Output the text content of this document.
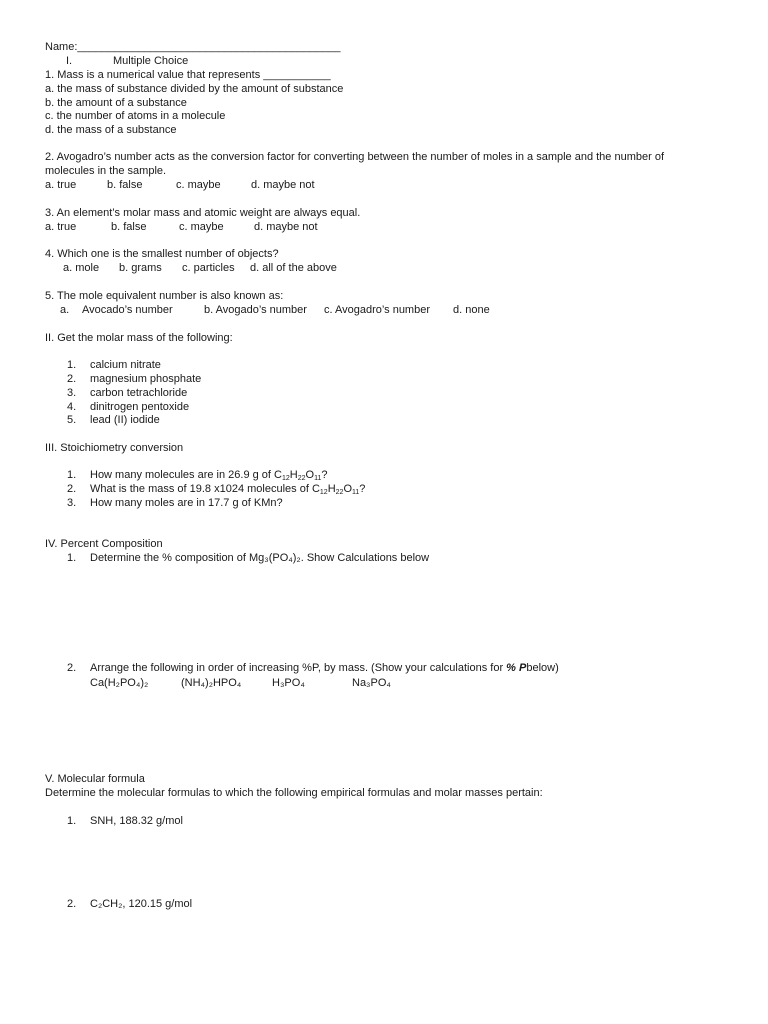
Name:___________________________________________
I.	Multiple Choice
1. Mass is a numerical value that represents ___________
a. the mass of substance divided by the amount of substance
b. the amount of a substance
c. the number of atoms in a molecule
d. the mass of a substance
2. Avogadro’s number acts as the conversion factor for converting between the number of moles in a sample and the number of molecules in the sample.
a. true	b. false	c. maybe	d. maybe not
3. An element’s molar mass and atomic weight are always equal.
a. true	b. false	c. maybe	d. maybe not
4. Which one is the smallest number of objects?
a. mole b. grams c. particles d. all of the above
5. The mole equivalent number is also known as:
a. Avocado’s number	b. Avogado’s number c. Avogadro’s number d. none
II. Get the molar mass of the following:
1. calcium nitrate
2. magnesium phosphate
3. carbon tetrachloride
4. dinitrogen pentoxide
5. lead (II) iodide
III. Stoichiometry conversion
1. How many molecules are in 26.9 g of $C_{12}H_{22}O_{11}$?
2. What is the mass of 19.8 x1024 molecules of $C_{12}H_{22}O_{11}$?
3. How many moles are in 17.7 g of KMn?
IV. Percent Composition
1. Determine the % composition of Mg₃(PO₄)₂. Show Calculations below
2. Arrange the following in order of increasing %P, by mass. (Show your calculations for % Pbelow)
Ca(H₂PO₄)₂	(NH₄)₂HPO₄	H₃PO₄	Na₃PO₄
V. Molecular formula
Determine the molecular formulas to which the following empirical formulas and molar masses pertain:
1. SNH, 188.32 g/mol
2. C₂CH₂, 120.15 g/mol
